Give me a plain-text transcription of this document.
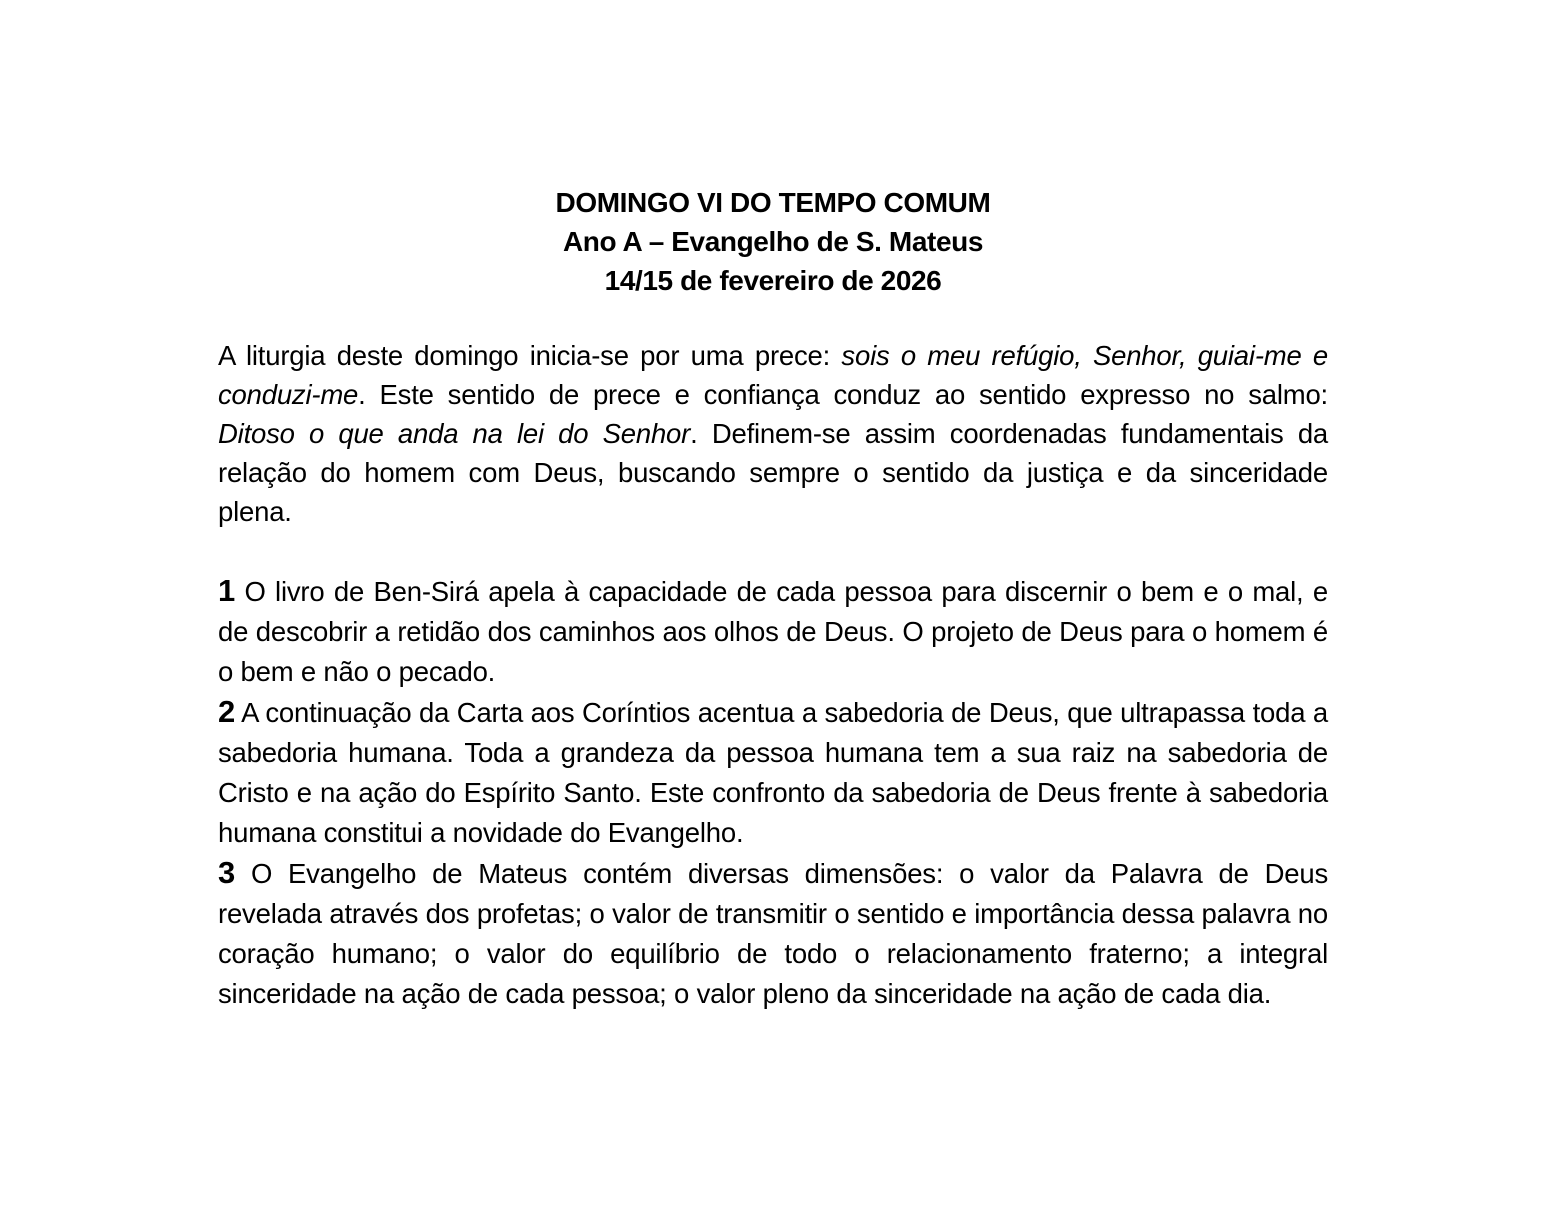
DOMINGO VI DO TEMPO COMUM
Ano A – Evangelho de S. Mateus
14/15 de fevereiro de 2026

A liturgia deste domingo inicia-se por uma prece: sois o meu refúgio, Senhor, guiai-me e conduzi-me. Este sentido de prece e confiança conduz ao sentido expresso no salmo: Ditoso o que anda na lei do Senhor. Definem-se assim coordenadas fundamentais da relação do homem com Deus, buscando sempre o sentido da justiça e da sinceridade plena.

1 O livro de Ben-Sirá apela à capacidade de cada pessoa para discernir o bem e o mal, e de descobrir a retidão dos caminhos aos olhos de Deus. O projeto de Deus para o homem é o bem e não o pecado.

2 A continuação da Carta aos Coríntios acentua a sabedoria de Deus, que ultrapassa toda a sabedoria humana. Toda a grandeza da pessoa humana tem a sua raiz na sabedoria de Cristo e na ação do Espírito Santo. Este confronto da sabedoria de Deus frente à sabedoria humana constitui a novidade do Evangelho.

3 O Evangelho de Mateus contém diversas dimensões: o valor da Palavra de Deus revelada através dos profetas; o valor de transmitir o sentido e importância dessa palavra no coração humano; o valor do equilíbrio de todo o relacionamento fraterno; a integral sinceridade na ação de cada pessoa; o valor pleno da sinceridade na ação de cada dia.
